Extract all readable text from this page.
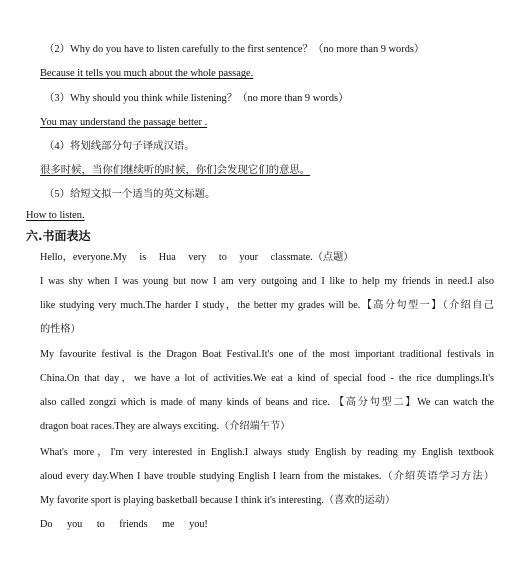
（2）Why do you have to listen carefully to the first sentence？（no more than 9 words）
Because it tells you much about the whole passage.
（3）Why should you think while listening？（no more than 9 words）
You may understand the passage better .
（4）将划线部分句子译成汉语。
很多时候，当你们继续听的时候，你们会发现它们的意思。
（5）给短文拟一个适当的英文标题。
How to listen.
六.书面表达
Hello，everyone.My is Hua very to your classmate.（点题）
I was shy when I was young but now I am very outgoing and I like to help my friends in need.I also
like studying very much.The harder I study，the better my grades will be.【高分句型一】（介绍自己
的性格）
My favourite festival is the Dragon Boat Festival.It's one of the most important traditional festivals in
China.On that day，we have a lot of activities.We eat a kind of special food - the rice dumplings.It's
also called zongzi which is made of many kinds of beans and rice. 【高分句型二】We can watch the
dragon boat races.They are always exciting.（介绍端午节）
What's more，I'm very interested in English.I always study English by reading my English textbook
aloud every day.When I have trouble studying English I learn from the mistakes.（介绍英语学习方法）
My favorite sport is playing basketball because I think it's interesting.（喜欢的运动）
Do you to friends me you!
